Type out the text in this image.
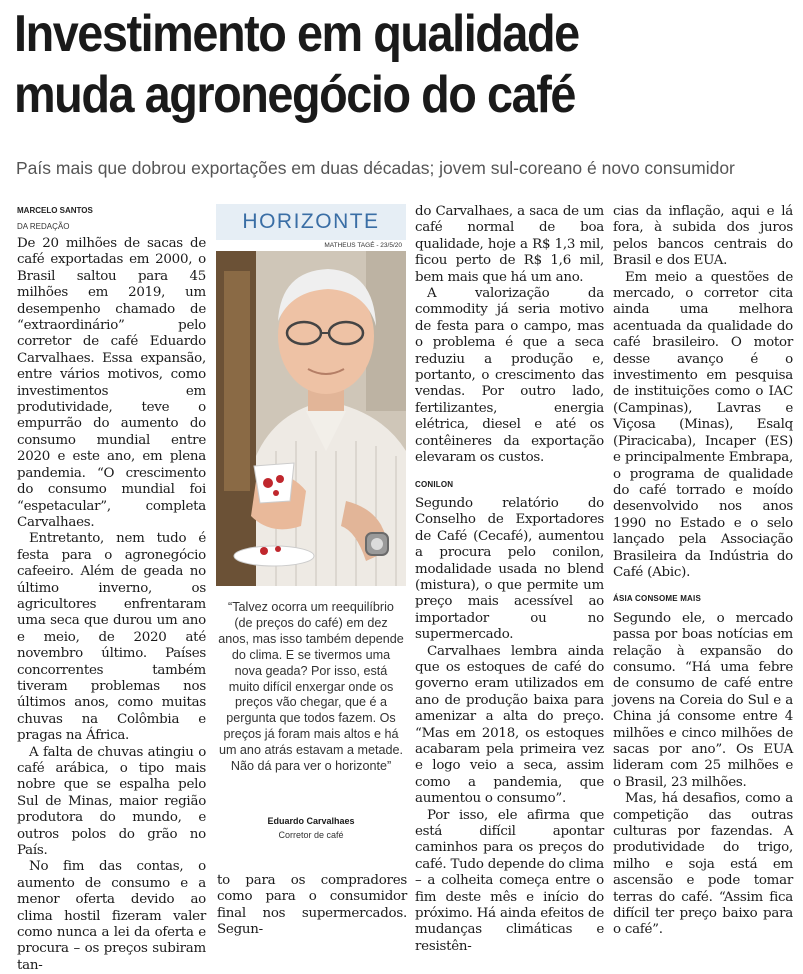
Investimento em qualidade
muda agronegócio do café
País mais que dobrou exportações em duas décadas; jovem sul-coreano é novo consumidor
MARCELO SANTOS
DA REDAÇÃO

De 20 milhões de sacas de café exportadas em 2000, o Brasil saltou para 45 milhões em 2019, um desempenho chamado de “extraordinário” pelo corretor de café Eduardo Carvalhaes. Essa expansão, entre vários motivos, como investimentos em produtividade, teve o empurrão do aumento do consumo mundial entre 2020 e este ano, em plena pandemia. “O crescimento do consumo mundial foi “espetacular”, completa Carvalhaes.

Entretanto, nem tudo é festa para o agronegócio cafeeiro. Além de geada no último inverno, os agricultores enfrentaram uma seca que durou um ano e meio, de 2020 até novembro último. Países concorrentes também tiveram problemas nos últimos anos, como muitas chuvas na Colômbia e pragas na África.

A falta de chuvas atingiu o café arábica, o tipo mais nobre que se espalha pelo Sul de Minas, maior região produtora do mundo, e outros polos do grão no País.

No fim das contas, o aumento de consumo e a menor oferta devido ao clima hostil fizeram valer como nunca a lei da oferta e procura – os preços subiram tan-

HORIZONTE
MATHEUS TAGÉ - 23/5/20
“Talvez ocorra um reequilíbrio (de preços do café) em dez anos, mas isso também depende do clima. E se tivermos uma nova geada? Por isso, está muito difícil enxergar onde os preços vão chegar, que é a pergunta que todos fazem. Os preços já foram mais altos e há um ano atrás estavam a metade. Não dá para ver o horizonte”
Eduardo Carvalhaes
Corretor de café

to para os compradores como para o consumidor final nos supermercados. Segun-

do Carvalhaes, a saca de um café normal de boa qualidade, hoje a R$ 1,3 mil, ficou perto de R$ 1,6 mil, bem mais que há um ano.

A valorização da commodity já seria motivo de festa para o campo, mas o problema é que a seca reduziu a produção e, portanto, o crescimento das vendas. Por outro lado, fertilizantes, energia elétrica, diesel e até os contêineres da exportação elevaram os custos.

CONILON

Segundo relatório do Conselho de Exportadores de Café (Cecafé), aumentou a procura pelo conilon, modalidade usada no blend (mistura), o que permite um preço mais acessível ao importador ou no supermercado.

Carvalhaes lembra ainda que os estoques de café do governo eram utilizados em ano de produção baixa para amenizar a alta do preço. “Mas em 2018, os estoques acabaram pela primeira vez e logo veio a seca, assim como a pandemia, que aumentou o consumo”.

Por isso, ele afirma que está difícil apontar caminhos para os preços do café. Tudo depende do clima – a colheita começa entre o fim deste mês e início do próximo. Há ainda efeitos de mudanças climáticas e resistên-

cias da inflação, aqui e lá fora, à subida dos juros pelos bancos centrais do Brasil e dos EUA.

Em meio a questões de mercado, o corretor cita ainda uma melhora acentuada da qualidade do café brasileiro. O motor desse avanço é o investimento em pesquisa de instituições como o IAC (Campinas), Lavras e Viçosa (Minas), Esalq (Piracicaba), Incaper (ES) e principalmente Embrapa, o programa de qualidade do café torrado e moído desenvolvido nos anos 1990 no Estado e o selo lançado pela Associação Brasileira da Indústria do Café (Abic).

ÁSIA CONSOME MAIS

Segundo ele, o mercado passa por boas notícias em relação à expansão do consumo. “Há uma febre de consumo de café entre jovens na Coreia do Sul e a China já consome entre 4 milhões e cinco milhões de sacas por ano”. Os EUA lideram com 25 milhões e o Brasil, 23 milhões.

Mas, há desafios, como a competição das outras culturas por fazendas. A produtividade do trigo, milho e soja está em ascensão e pode tomar terras do café. “Assim fica difícil ter preço baixo para o café”.
